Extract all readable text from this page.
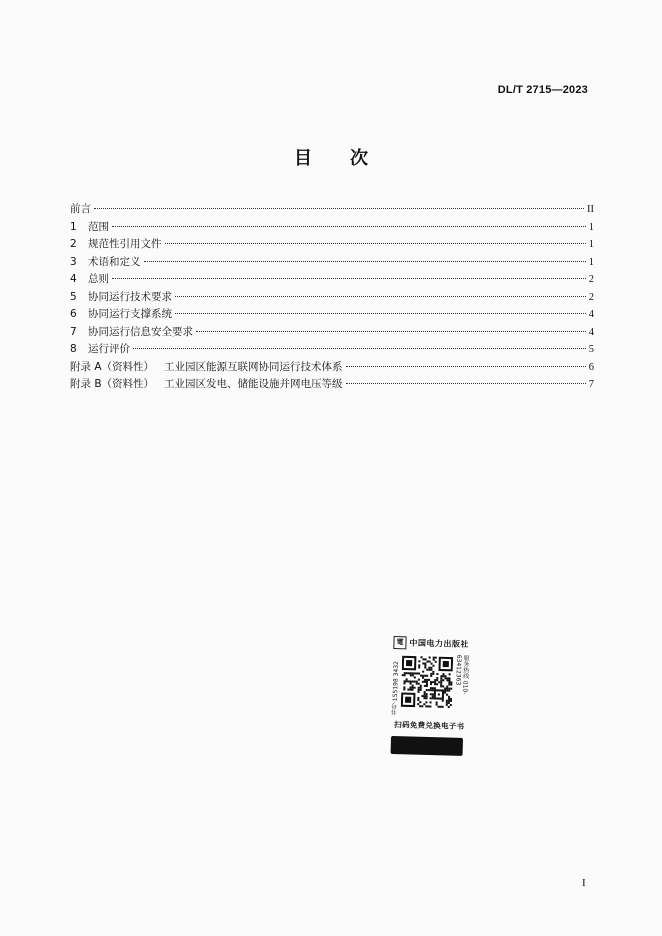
DL/T 2715—2023
目 次
前言	II
1	范围	1
2	规范性引用文件	1
3	术语和定义	1
4	总则	2
5	协同运行技术要求	2
6	协同运行支撑系统	4
7	协同运行信息安全要求	4
8	运行评价	5
附录 A（资料性） 工业园区能源互联网协同运行技术体系	6
附录 B（资料性） 工业园区发电、储能设施并网电压等级	7
電 中国电力出版社
书号·155198 3432	服务热线 010-63412363
扫码免费兑换电子书
I
